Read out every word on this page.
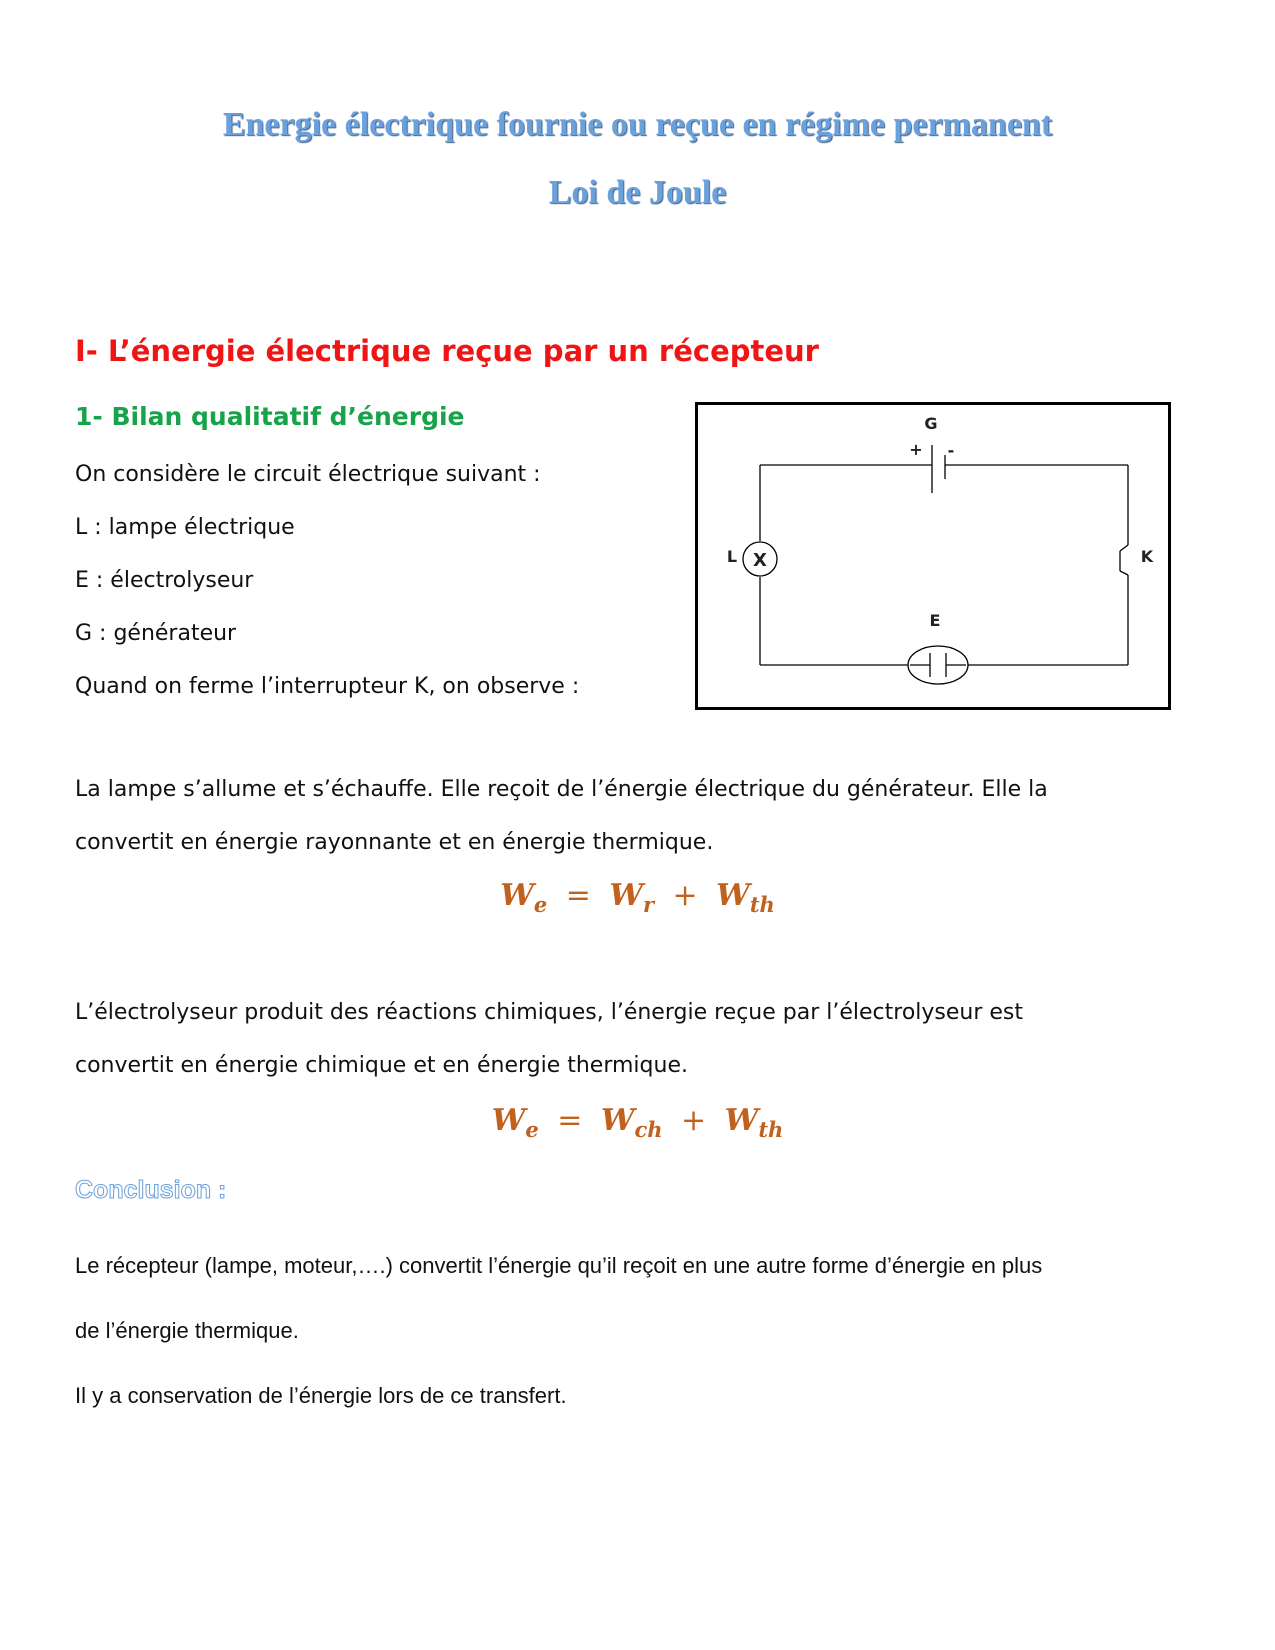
Energie électrique fournie ou reçue en régime permanent
Loi de Joule
I- L’énergie électrique reçue par un récepteur
1- Bilan qualitatif d’énergie

On considère le circuit électrique suivant :

L : lampe électrique

E : électrolyseur

G : générateur

Quand on ferme l’interrupteur K, on observe :

G
+ -
X
L	K
E

La lampe s’allume et s’échauffe. Elle reçoit de l’énergie électrique du générateur. Elle la

convertit en énergie rayonnante et en énergie thermique.

$W_e = W_r + W_{th}$

L’électrolyseur produit des réactions chimiques, l’énergie reçue par l’électrolyseur est

convertit en énergie chimique et en énergie thermique.

$W_e = W_{ch} + W_{th}$
Conclusion :

Le récepteur (lampe, moteur,….) convertit l’énergie qu’il reçoit en une autre forme d’énergie en plus

de l’énergie thermique.

Il y a conservation de l’énergie lors de ce transfert.
